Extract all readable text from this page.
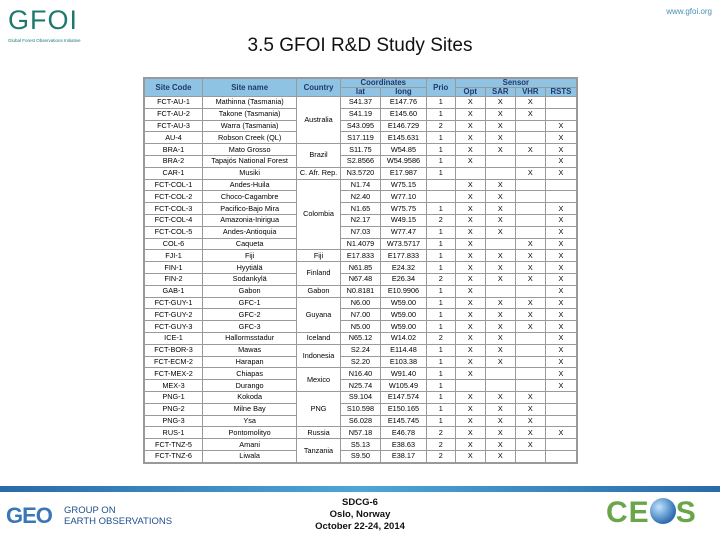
GFOI
Global Forest Observations Initiative
www.gfoi.org
3.5 GFOI R&D Study Sites
Site Code	Site name	Country	Coordinates		Prio	Sensor			
			lat	long		Opt	SAR	VHR	RSTS
FCT-AU-1	Mathinna (Tasmania)	Australia	S41.37	E147.76	1	X	X	X	
FCT-AU-2	Takone (Tasmania)		S41.19	E145.60	1	X	X	X	
FCT-AU-3	Warra (Tasmania)		S43.095	E146.729	2	X	X		X
AU-4	Robson Creek (QL)		S17.119	E145.631	1	X	X		X
BRA-1	Mato Grosso	Brazil	S11.75	W54.85	1	X	X	X	X
BRA-2	Tapajós National Forest		S2.8566	W54.9586	1	X			X
CAR-1	Musiki	C. Afr. Rep.	N3.5720	E17.987	1			X	X
FCT-COL-1	Andes-Huila	Colombia	N1.74	W75.15		X	X		
FCT-COL-2	Choco-Cagambre		N2.40	W77.10		X	X		
FCT-COL-3	Pacifico-Bajo Mira		N1.65	W75.75	1	X	X		X
FCT-COL-4	Amazonia-Inirigua		N2.17	W49.15	2	X	X		X
FCT-COL-5	Andes-Antioquia		N7.03	W77.47	1	X	X		X
COL-6	Caqueta		N1.4079	W73.5717	1	X		X	X
FJI-1	Fiji	Fiji	E17.833	E177.833	1	X	X	X	X
FIN-1	Hyytiälä	Finland	N61.85	E24.32	1	X	X	X	X
FIN-2	Sodankylä		N67.48	E26.34	2	X	X	X	X
GAB-1	Gabon	Gabon	N0.8181	E10.9906	1	X			X
FCT-GUY-1	GFC-1	Guyana	N6.00	W59.00	1	X	X	X	X
FCT-GUY-2	GFC-2		N7.00	W59.00	1	X	X	X	X
FCT-GUY-3	GFC-3		N5.00	W59.00	1	X	X	X	X
ICE-1	Hallormsstadur	Iceland	N65.12	W14.02	2	X	X		X
FCT-BOR-3	Mawas	Indonesia	S2.24	E114.48	1	X	X		X
FCT-ECM-2	Harapan		S2.20	E103.38	1	X	X		X
FCT-MEX-2	Chiapas	Mexico	N16.40	W91.40	1	X			X
MEX-3	Durango		N25.74	W105.49	1				X
PNG-1	Kokoda	PNG	S9.104	E147.574	1	X	X	X	
PNG-2	Milne Bay		S10.598	E150.165	1	X	X	X	
PNG-3	Ysa		S6.028	E145.745	1	X	X	X	
RUS-1	Pontomolityo	Russia	N57.18	E46.78	2	X	X	X	X
FCT-TNZ-5	Amani	Tanzania	S5.13	E38.63	2	X	X	X	
FCT-TNZ-6	Liwala		S9.50	E38.17	2	X	X		
GEO GROUP ON
EARTH OBSERVATIONS
SDCG-6
Oslo, Norway
October 22-24, 2014	CE S
